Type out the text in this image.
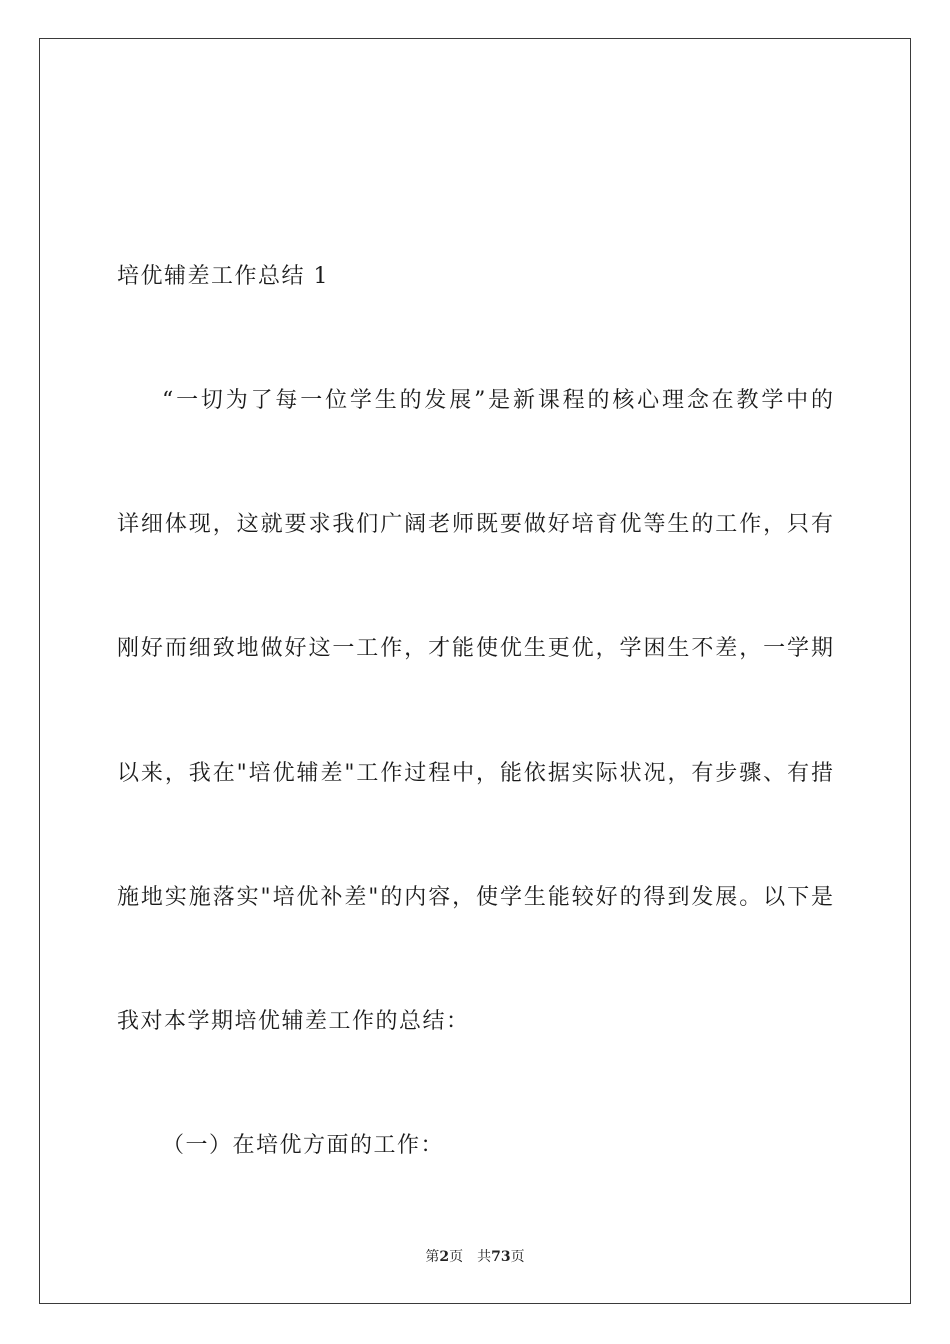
培优辅差工作总结 1
“一切为了每一位学生的发展”是新课程的核心理念在教学中的
详细体现，这就要求我们广阔老师既要做好培育优等生的工作，只有
刚好而细致地做好这一工作，才能使优生更优，学困生不差，一学期
以来，我在"培优辅差"工作过程中，能依据实际状况，有步骤、有措
施地实施落实"培优补差"的内容，使学生能较好的得到发展。以下是
我对本学期培优辅差工作的总结：
（一）在培优方面的工作：
第2页 共73页
